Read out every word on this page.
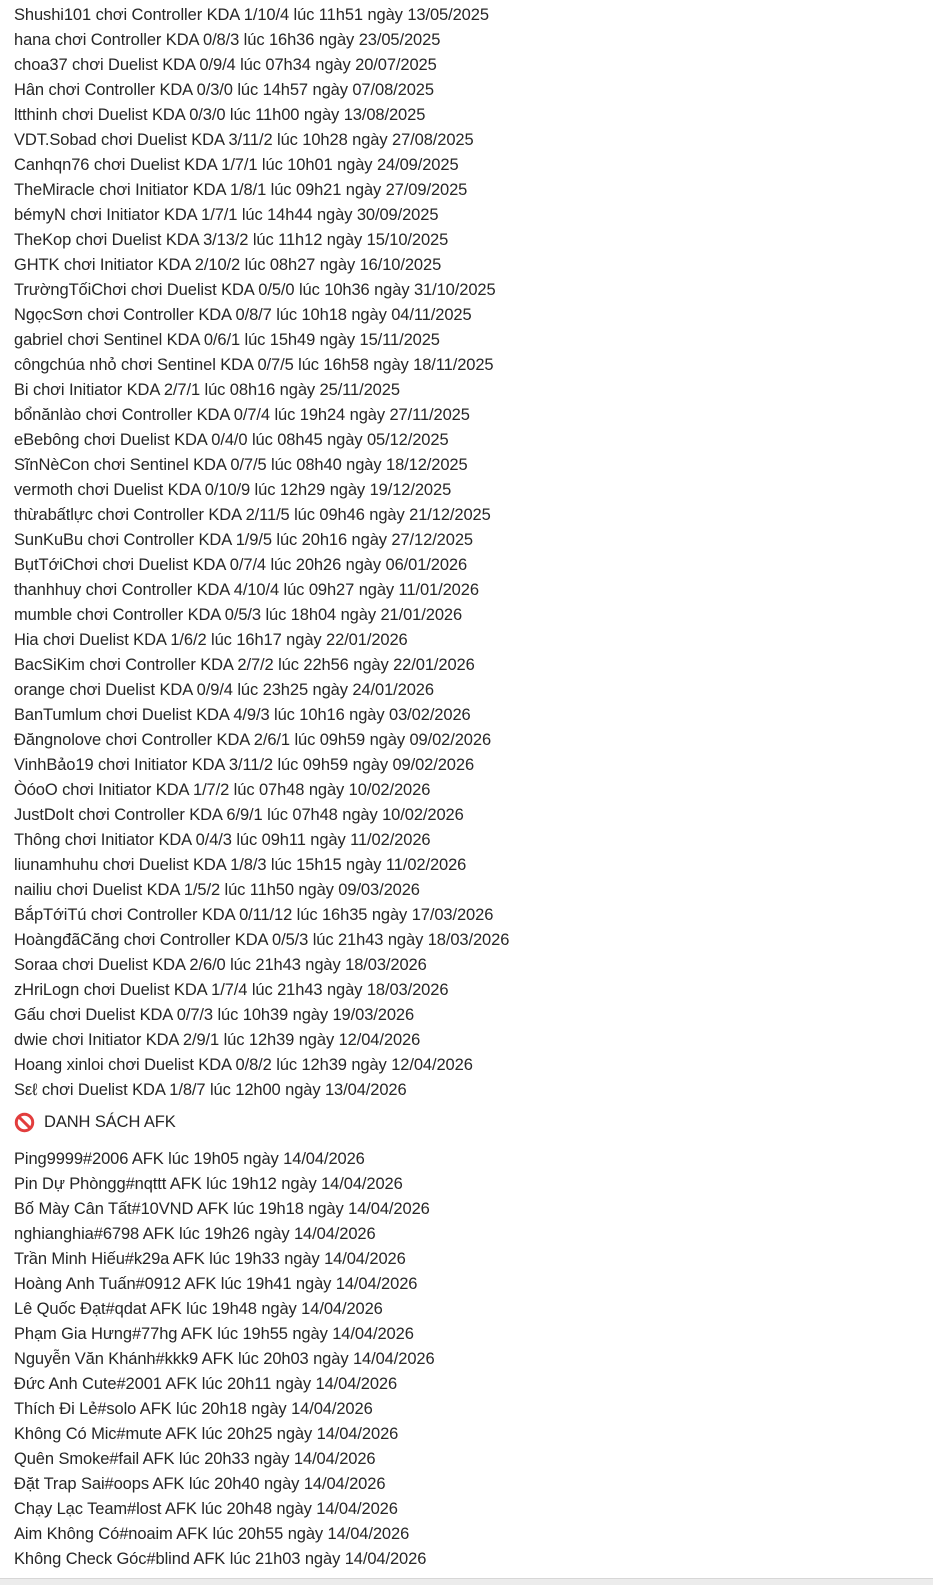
Shushi101 chơi Controller KDA 1/10/4 lúc 11h51 ngày 13/05/2025
hana chơi Controller KDA 0/8/3 lúc 16h36 ngày 23/05/2025
choa37 chơi Duelist KDA 0/9/4 lúc 07h34 ngày 20/07/2025
Hân chơi Controller KDA 0/3/0 lúc 14h57 ngày 07/08/2025
ltthinh chơi Duelist KDA 0/3/0 lúc 11h00 ngày 13/08/2025
VDT.Sobad chơi Duelist KDA 3/11/2 lúc 10h28 ngày 27/08/2025
Canhqn76 chơi Duelist KDA 1/7/1 lúc 10h01 ngày 24/09/2025
TheMiracle chơi Initiator KDA 1/8/1 lúc 09h21 ngày 27/09/2025
bémyN chơi Initiator KDA 1/7/1 lúc 14h44 ngày 30/09/2025
TheKop chơi Duelist KDA 3/13/2 lúc 11h12 ngày 15/10/2025
GHTK chơi Initiator KDA 2/10/2 lúc 08h27 ngày 16/10/2025
TrườngTốiChơi chơi Duelist KDA 0/5/0 lúc 10h36 ngày 31/10/2025
NgọcSơn chơi Controller KDA 0/8/7 lúc 10h18 ngày 04/11/2025
gabriel chơi Sentinel KDA 0/6/1 lúc 15h49 ngày 15/11/2025
côngchúa nhỏ chơi Sentinel KDA 0/7/5 lúc 16h58 ngày 18/11/2025
Bi chơi Initiator KDA 2/7/1 lúc 08h16 ngày 25/11/2025
bổnănlào chơi Controller KDA 0/7/4 lúc 19h24 ngày 27/11/2025
eBebông chơi Duelist KDA 0/4/0 lúc 08h45 ngày 05/12/2025
SĩnNèCon chơi Sentinel KDA 0/7/5 lúc 08h40 ngày 18/12/2025
vermoth chơi Duelist KDA 0/10/9 lúc 12h29 ngày 19/12/2025
thừabấtlực chơi Controller KDA 2/11/5 lúc 09h46 ngày 21/12/2025
SunKuBu chơi Controller KDA 1/9/5 lúc 20h16 ngày 27/12/2025
BụtTớiChơi chơi Duelist KDA 0/7/4 lúc 20h26 ngày 06/01/2026
thanhhuy chơi Controller KDA 4/10/4 lúc 09h27 ngày 11/01/2026
mumble chơi Controller KDA 0/5/3 lúc 18h04 ngày 21/01/2026
Hia chơi Duelist KDA 1/6/2 lúc 16h17 ngày 22/01/2026
BacSiKim chơi Controller KDA 2/7/2 lúc 22h56 ngày 22/01/2026
orange chơi Duelist KDA 0/9/4 lúc 23h25 ngày 24/01/2026
BanTumlum chơi Duelist KDA 4/9/3 lúc 10h16 ngày 03/02/2026
Đăngnolove chơi Controller KDA 2/6/1 lúc 09h59 ngày 09/02/2026
VinhBảo19 chơi Initiator KDA 3/11/2 lúc 09h59 ngày 09/02/2026
ÒóoO chơi Initiator KDA 1/7/2 lúc 07h48 ngày 10/02/2026
JustDoIt chơi Controller KDA 6/9/1 lúc 07h48 ngày 10/02/2026
Thông chơi Initiator KDA 0/4/3 lúc 09h11 ngày 11/02/2026
liunamhuhu chơi Duelist KDA 1/8/3 lúc 15h15 ngày 11/02/2026
nailiu chơi Duelist KDA 1/5/2 lúc 11h50 ngày 09/03/2026
BắpTớiTú chơi Controller KDA 0/11/12 lúc 16h35 ngày 17/03/2026
HoàngđãCăng chơi Controller KDA 0/5/3 lúc 21h43 ngày 18/03/2026
Soraa chơi Duelist KDA 2/6/0 lúc 21h43 ngày 18/03/2026
zHriLogn chơi Duelist KDA 1/7/4 lúc 21h43 ngày 18/03/2026
Gấu chơi Duelist KDA 0/7/3 lúc 10h39 ngày 19/03/2026
dwie chơi Initiator KDA 2/9/1 lúc 12h39 ngày 12/04/2026
Hoang xinloi chơi Duelist KDA 0/8/2 lúc 12h39 ngày 12/04/2026
Sεℓ chơi Duelist KDA 1/8/7 lúc 12h00 ngày 13/04/2026
DANH SÁCH AFK
Ping9999#2006 AFK lúc 19h05 ngày 14/04/2026
Pin Dự Phòngg#nqttt AFK lúc 19h12 ngày 14/04/2026
Bố Mày Cân Tất#10VND AFK lúc 19h18 ngày 14/04/2026
nghianghia#6798 AFK lúc 19h26 ngày 14/04/2026
Trần Minh Hiếu#k29a AFK lúc 19h33 ngày 14/04/2026
Hoàng Anh Tuấn#0912 AFK lúc 19h41 ngày 14/04/2026
Lê Quốc Đạt#qdat AFK lúc 19h48 ngày 14/04/2026
Phạm Gia Hưng#77hg AFK lúc 19h55 ngày 14/04/2026
Nguyễn Văn Khánh#kkk9 AFK lúc 20h03 ngày 14/04/2026
Đức Anh Cute#2001 AFK lúc 20h11 ngày 14/04/2026
Thích Đi Lẻ#solo AFK lúc 20h18 ngày 14/04/2026
Không Có Mic#mute AFK lúc 20h25 ngày 14/04/2026
Quên Smoke#fail AFK lúc 20h33 ngày 14/04/2026
Đặt Trap Sai#oops AFK lúc 20h40 ngày 14/04/2026
Chạy Lạc Team#lost AFK lúc 20h48 ngày 14/04/2026
Aim Không Có#noaim AFK lúc 20h55 ngày 14/04/2026
Không Check Góc#blind AFK lúc 21h03 ngày 14/04/2026
